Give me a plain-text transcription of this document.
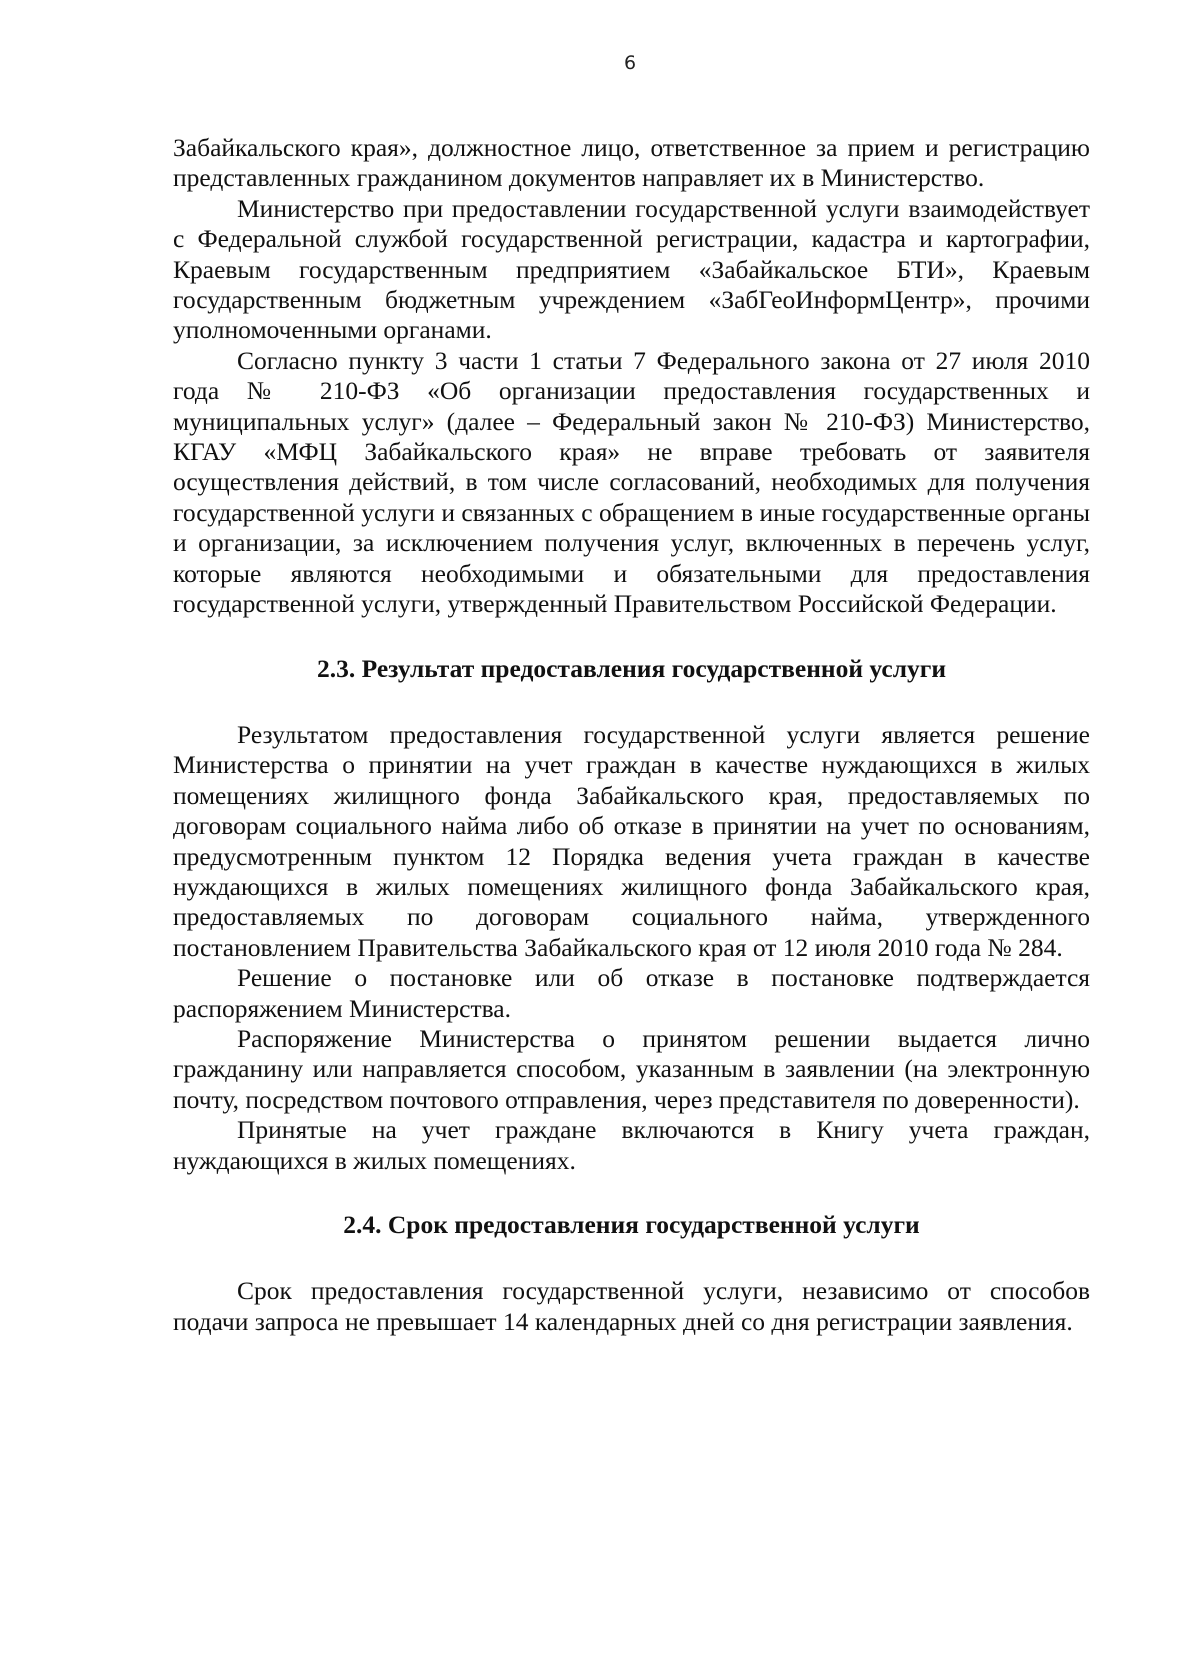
6

Забайкальского края», должностное лицо, ответственное за прием и регистрацию представленных гражданином документов направляет их в Министерство.

Министерство при предоставлении государственной услуги взаимодействует с Федеральной службой государственной регистрации, кадастра и картографии, Краевым государственным предприятием «Забайкальское БТИ», Краевым государственным бюджетным учреждением «ЗабГеоИнформЦентр», прочими уполномоченными органами.

Согласно пункту 3 части 1 статьи 7 Федерального закона от 27 июля 2010 года № 210-ФЗ «Об организации предоставления государственных и муниципальных услуг» (далее – Федеральный закон № 210-ФЗ) Министерство, КГАУ «МФЦ Забайкальского края» не вправе требовать от заявителя осуществления действий, в том числе согласований, необходимых для получения государственной услуги и связанных с обращением в иные государственные органы и организации, за исключением получения услуг, включенных в перечень услуг, которые являются необходимыми и обязательными для предоставления государственной услуги, утвержденный Правительством Российской Федерации.

2.3. Результат предоставления государственной услуги

Результатом предоставления государственной услуги является решение Министерства о принятии на учет граждан в качестве нуждающихся в жилых помещениях жилищного фонда Забайкальского края, предоставляемых по договорам социального найма либо об отказе в принятии на учет по основаниям, предусмотренным пунктом 12 Порядка ведения учета граждан в качестве нуждающихся в жилых помещениях жилищного фонда Забайкальского края, предоставляемых по договорам социального найма, утвержденного постановлением Правительства Забайкальского края от 12 июля 2010 года № 284.

Решение о постановке или об отказе в постановке подтверждается распоряжением Министерства.

Распоряжение Министерства о принятом решении выдается лично гражданину или направляется способом, указанным в заявлении (на электронную почту, посредством почтового отправления, через представителя по доверенности).

Принятые на учет граждане включаются в Книгу учета граждан, нуждающихся в жилых помещениях.

2.4. Срок предоставления государственной услуги

Срок предоставления государственной услуги, независимо от способов подачи запроса не превышает 14 календарных дней со дня регистрации заявления.
